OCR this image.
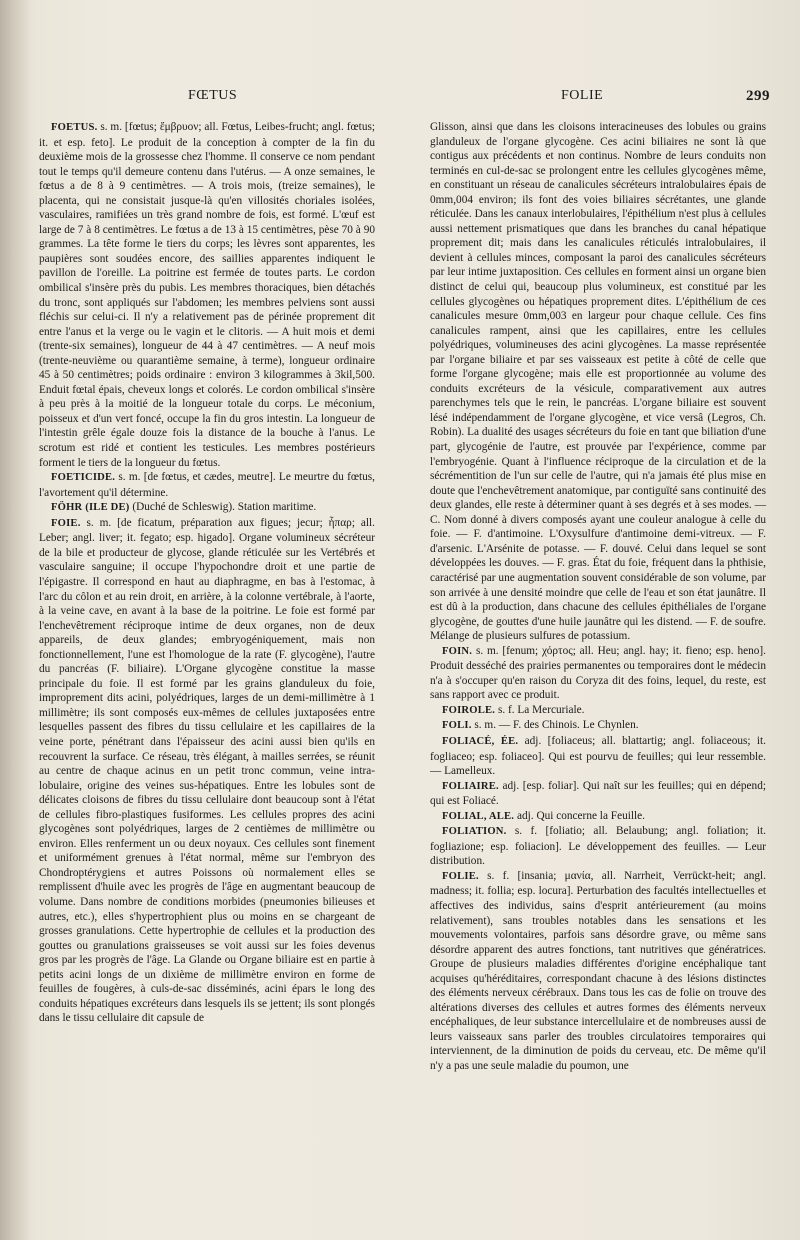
FŒTUS	FOLIE	299

FOETUS. s. m. [fœtus; ἔμβρυον; all. Fœtus, Leibes-frucht; angl. fœtus; it. et esp. feto]. Le produit de la conception à compter de la fin du deuxième mois de la grossesse chez l'homme. Il conserve ce nom pendant tout le temps qu'il demeure contenu dans l'utérus. — A onze semaines, le fœtus a de 8 à 9 centimètres. — A trois mois, (treize semaines), le placenta, qui ne consistait jusque-là qu'en villosités choriales isolées, vasculaires, ramifiées un très grand nombre de fois, est formé. L'œuf est large de 7 à 8 centimètres. Le fœtus a de 13 à 15 centimètres, pèse 70 à 90 grammes. La tête forme le tiers du corps; les lèvres sont apparentes, les paupières sont soudées encore, des saillies apparentes indiquent le pavillon de l'oreille. La poitrine est fermée de toutes parts. Le cordon ombilical s'insère près du pubis. Les membres thoraciques, bien détachés du tronc, sont appliqués sur l'abdomen; les membres pelviens sont aussi fléchis sur celui-ci. Il n'y a relativement pas de périnée proprement dit entre l'anus et la verge ou le vagin et le clitoris. — A huit mois et demi (trente-six semaines), longueur de 44 à 47 centimètres. — A neuf mois (trente-neuvième ou quarantième semaine, à terme), longueur ordinaire 45 à 50 centimètres; poids ordinaire : environ 3 kilogrammes à 3kil,500. Enduit fœtal épais, cheveux longs et colorés. Le cordon ombilical s'insère à peu près à la moitié de la longueur totale du corps. Le méconium, poisseux et d'un vert foncé, occupe la fin du gros intestin. La longueur de l'intestin grêle égale douze fois la distance de la bouche à l'anus. Le scrotum est ridé et contient les testicules. Les membres postérieurs forment le tiers de la longueur du fœtus.

FOETICIDE. s. m. [de fœtus, et cædes, meutre]. Le meurtre du fœtus, l'avortement qu'il détermine.

FÖHR (ILE DE) (Duché de Schleswig). Station maritime.

FOIE. s. m. [de ficatum, préparation aux figues; jecur; ἧπαρ; all. Leber; angl. liver; it. fegato; esp. higado]. Organe volumineux sécréteur de la bile et producteur de glycose, glande réticulée sur les Vertébrés et vasculaire sanguine; il occupe l'hypochondre droit et une partie de l'épigastre. Il correspond en haut au diaphragme, en bas à l'estomac, à l'arc du côlon et au rein droit, en arrière, à la colonne vertébrale, à l'aorte, à la veine cave, en avant à la base de la poitrine. Le foie est formé par l'enchevêtrement réciproque intime de deux organes, non de deux appareils, de deux glandes; embryogéniquement, mais non fonctionnellement, l'une est l'homologue de la rate (F. glycogène), l'autre du pancréas (F. biliaire). L'Organe glycogène constitue la masse principale du foie. Il est formé par les grains glanduleux du foie, improprement dits acini, polyédriques, larges de un demi-millimètre à 1 millimètre; ils sont composés eux-mêmes de cellules juxtaposées entre lesquelles passent des fibres du tissu cellulaire et les capillaires de la veine porte, pénétrant dans l'épaisseur des acini aussi bien qu'ils en recouvrent la surface. Ce réseau, très élégant, à mailles serrées, se réunit au centre de chaque acinus en un petit tronc commun, veine intra-lobulaire, origine des veines sus-hépatiques. Entre les lobules sont de délicates cloisons de fibres du tissu cellulaire dont beaucoup sont à l'état de cellules fibro-plastiques fusiformes. Les cellules propres des acini glycogènes sont polyédriques, larges de 2 centièmes de millimètre ou environ. Elles renferment un ou deux noyaux. Ces cellules sont finement et uniformément grenues à l'état normal, même sur l'embryon des Chondroptérygiens et autres Poissons où normalement elles se remplissent d'huile avec les progrès de l'âge en augmentant beaucoup de volume. Dans nombre de conditions morbides (pneumonies bilieuses et autres, etc.), elles s'hypertrophient plus ou moins en se chargeant de grosses granulations. Cette hypertrophie de cellules et la production des gouttes ou granulations graisseuses se voit aussi sur les foies devenus gros par les progrès de l'âge. La Glande ou Organe biliaire est en partie à petits acini longs de un dixième de millimètre environ en forme de feuilles de fougères, à culs-de-sac disséminés, acini épars le long des conduits hépatiques excréteurs dans lesquels ils se jettent; ils sont plongés dans le tissu cellulaire dit capsule de

Glisson, ainsi que dans les cloisons interacineuses des lobules ou grains glanduleux de l'organe glycogène. Ces acini biliaires ne sont là que contigus aux précédents et non continus. Nombre de leurs conduits non terminés en cul-de-sac se prolongent entre les cellules glycogènes même, en constituant un réseau de canalicules sécréteurs intralobulaires épais de 0mm,004 environ; ils font des voies biliaires sécrétantes, une glande réticulée. Dans les canaux interlobulaires, l'épithélium n'est plus à cellules aussi nettement prismatiques que dans les branches du canal hépatique proprement dit; mais dans les canalicules réticulés intralobulaires, il devient à cellules minces, composant la paroi des canalicules sécréteurs par leur intime juxtaposition. Ces cellules en forment ainsi un organe bien distinct de celui qui, beaucoup plus volumineux, est constitué par les cellules glycogènes ou hépatiques proprement dites. L'épithélium de ces canalicules mesure 0mm,003 en largeur pour chaque cellule. Ces fins canalicules rampent, ainsi que les capillaires, entre les cellules polyédriques, volumineuses des acini glycogènes. La masse représentée par l'organe biliaire et par ses vaisseaux est petite à côté de celle que forme l'organe glycogène; mais elle est proportionnée au volume des conduits excréteurs de la vésicule, comparativement aux autres parenchymes tels que le rein, le pancréas. L'organe biliaire est souvent lésé indépendamment de l'organe glycogène, et vice versâ (Legros, Ch. Robin). La dualité des usages sécréteurs du foie en tant que biliation d'une part, glycogénie de l'autre, est prouvée par l'expérience, comme par l'embryogénie. Quant à l'influence réciproque de la circulation et de la sécrémentition de l'un sur celle de l'autre, qui n'a jamais été plus mise en doute que l'enchevêtrement anatomique, par contiguïté sans continuité des deux glandes, elle reste à déterminer quant à ses degrés et à ses modes. — C. Nom donné à divers composés ayant une couleur analogue à celle du foie. — F. d'antimoine. L'Oxysulfure d'antimoine demi-vitreux. — F. d'arsenic. L'Arsénite de potasse. — F. douvé. Celui dans lequel se sont développées les douves. — F. gras. État du foie, fréquent dans la phthisie, caractérisé par une augmentation souvent considérable de son volume, par son arrivée à une densité moindre que celle de l'eau et son état jaunâtre. Il est dû à la production, dans chacune des cellules épithéliales de l'organe glycogène, de gouttes d'une huile jaunâtre qui les distend. — F. de soufre. Mélange de plusieurs sulfures de potassium.

FOIN. s. m. [fenum; χόρτος; all. Heu; angl. hay; it. fieno; esp. heno]. Produit desséché des prairies permanentes ou temporaires dont le médecin n'a à s'occuper qu'en raison du Coryza dit des foins, lequel, du reste, est sans rapport avec ce produit.

FOIROLE. s. f. La Mercuriale.

FOLI. s. m. — F. des Chinois. Le Chynlen.

FOLIACÉ, ÉE. adj. [foliaceus; all. blattartig; angl. foliaceous; it. fogliaceo; esp. foliaceo]. Qui est pourvu de feuilles; qui leur ressemble. — Lamelleux.

FOLIAIRE. adj. [esp. foliar]. Qui naît sur les feuilles; qui en dépend; qui est Foliacé.

FOLIAL, ALE. adj. Qui concerne la Feuille.

FOLIATION. s. f. [foliatio; all. Belaubung; angl. foliation; it. fogliazione; esp. foliacion]. Le développement des feuilles. — Leur distribution.

FOLIE. s. f. [insania; μανία, all. Narrheit, Verrückt-heit; angl. madness; it. follia; esp. locura]. Perturbation des facultés intellectuelles et affectives des individus, sains d'esprit antérieurement (au moins relativement), sans troubles notables dans les sensations et les mouvements volontaires, parfois sans désordre grave, ou même sans désordre apparent des autres fonctions, tant nutritives que génératrices. Groupe de plusieurs maladies différentes d'origine encéphalique tant acquises qu'héréditaires, correspondant chacune à des lésions distinctes des éléments nerveux cérébraux. Dans tous les cas de folie on trouve des altérations diverses des cellules et autres formes des éléments nerveux encéphaliques, de leur substance intercellulaire et de nombreuses aussi de leurs vaisseaux sans parler des troubles circulatoires temporaires qui interviennent, de la diminution de poids du cerveau, etc. De même qu'il n'y a pas une seule maladie du poumon, une
